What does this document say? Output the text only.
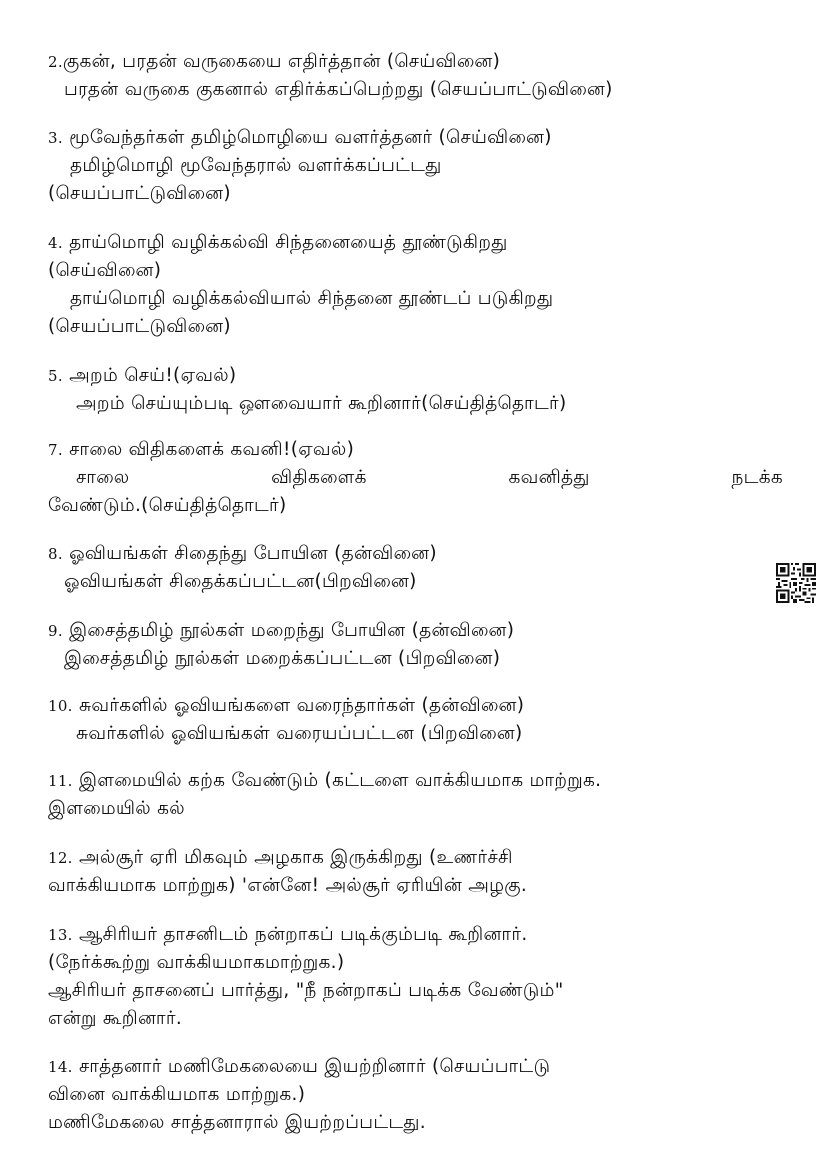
2.குகன், பரதன் வருகையை எதிர்த்தான் (செய்வினை)
பரதன் வருகை குகனால் எதிர்க்கப்பெற்றது (செயப்பாட்டுவினை)
3. மூவேந்தர்கள் தமிழ்மொழியை வளர்த்தனர் (செய்வினை)
தமிழ்மொழி மூவேந்தரால் வளர்க்கப்பட்டது
(செயப்பாட்டுவினை)
4. தாய்மொழி வழிக்கல்வி சிந்தனையைத் தூண்டுகிறது
(செய்வினை)
தாய்மொழி வழிக்கல்வியால் சிந்தனை தூண்டப் படுகிறது
(செயப்பாட்டுவினை)
5. அறம் செய்!(ஏவல்)
அறம் செய்யும்படி ஔவையார் கூறினார்(செய்தித்தொடர்)
7. சாலை விதிகளைக் கவனி!(ஏவல்)
சாலை	விதிகளைக்	கவனித்து	நடக்க
வேண்டும்.(செய்தித்தொடர்)
8. ஓவியங்கள் சிதைந்து போயின (தன்வினை)
ஓவியங்கள் சிதைக்கப்பட்டன(பிறவினை)
9. இசைத்தமிழ் நூல்கள் மறைந்து போயின (தன்வினை)
இசைத்தமிழ் நூல்கள் மறைக்கப்பட்டன (பிறவினை)
10. சுவர்களில் ஓவியங்களை வரைந்தார்கள் (தன்வினை)
சுவர்களில் ஓவியங்கள் வரையப்பட்டன (பிறவினை)
11. இளமையில் கற்க வேண்டும் (கட்டளை வாக்கியமாக மாற்றுக.
இளமையில் கல்
12. அல்சூர் ஏரி மிகவும் அழகாக இருக்கிறது (உணர்ச்சி
வாக்கியமாக மாற்றுக) 'என்னே! அல்சூர் ஏரியின் அழகு.
13. ஆசிரியர் தாசனிடம் நன்றாகப் படிக்கும்படி கூறினார்.
(நேர்க்கூற்று வாக்கியமாகமாற்றுக.)
ஆசிரியர் தாசனைப் பார்த்து, "நீ நன்றாகப் படிக்க வேண்டும்"
என்று கூறினார்.
14. சாத்தனார் மணிமேகலையை இயற்றினார் (செயப்பாட்டு
வினை வாக்கியமாக மாற்றுக.)
மணிமேகலை சாத்தனாரால் இயற்றப்பட்டது.
